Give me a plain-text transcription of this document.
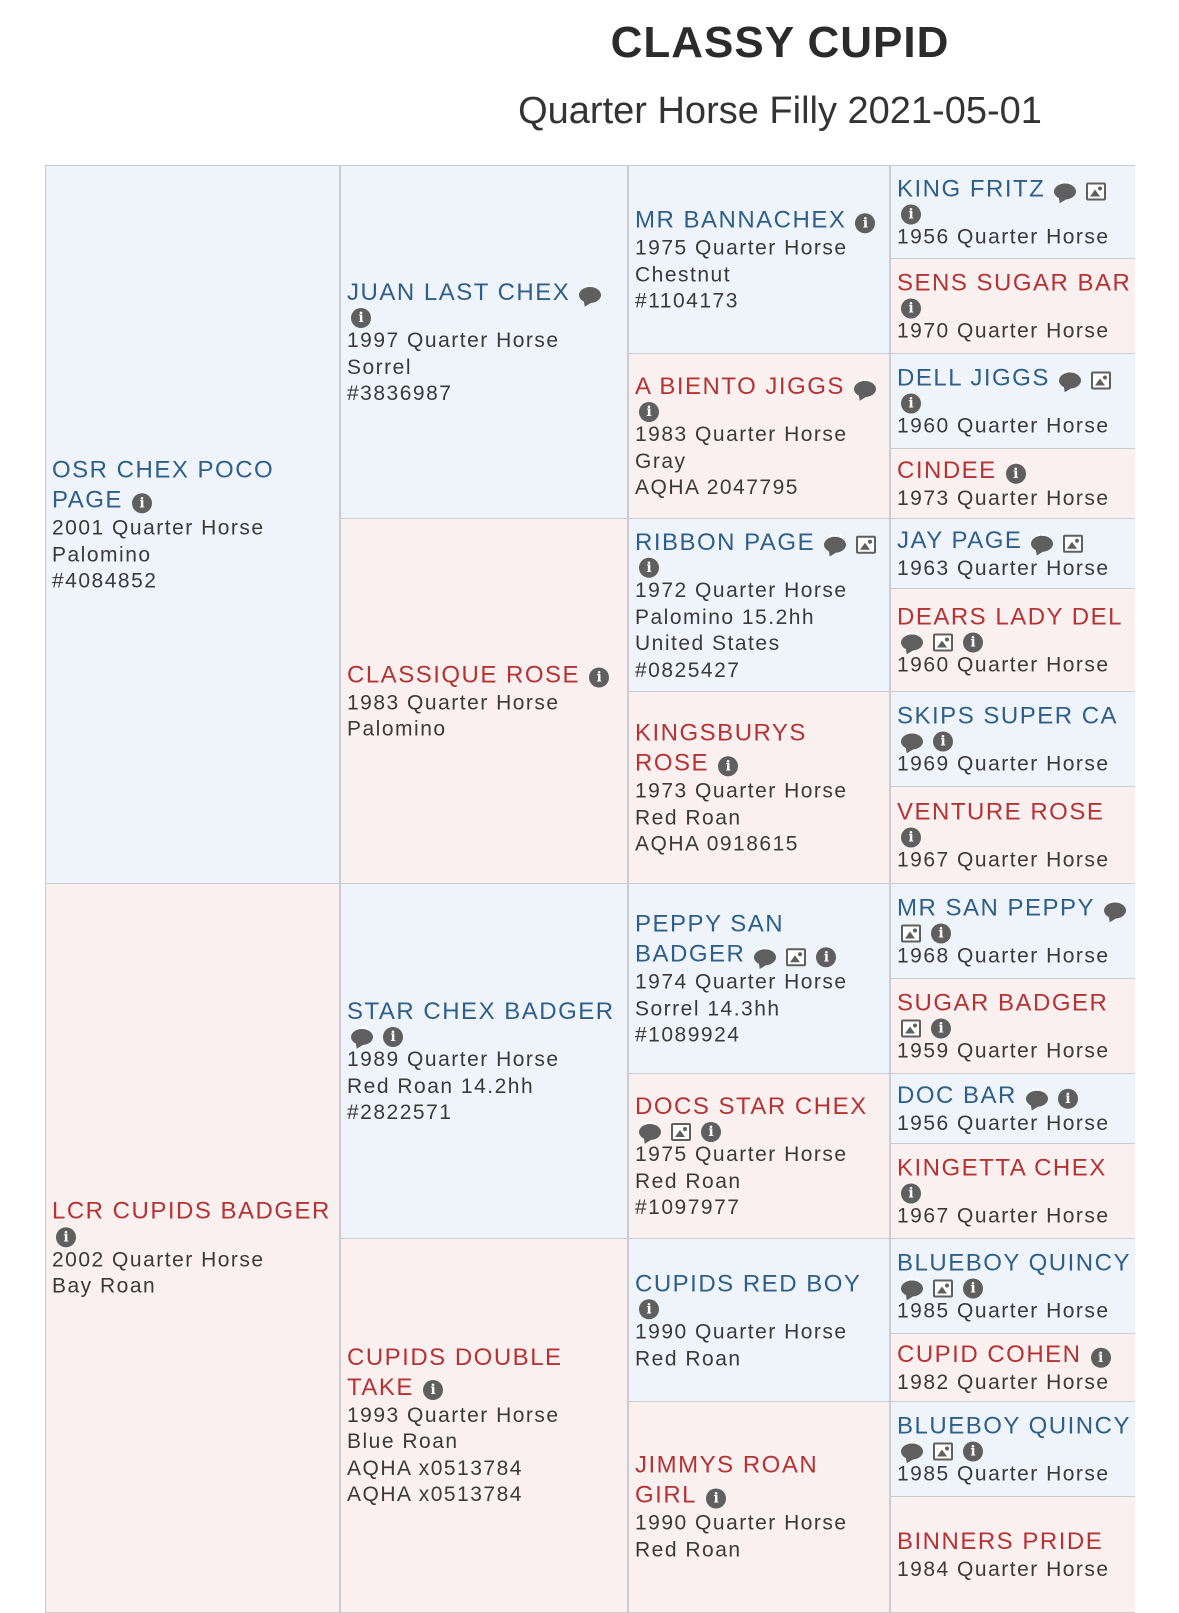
CLASSY CUPID
Quarter Horse Filly 2021-05-01
OSR CHEX POCO PAGE i
2001 Quarter Horse
Palomino
#4084852
LCR CUPIDS BADGER i
2002 Quarter Horse
Bay Roan
JUAN LAST CHEX •••i
1997 Quarter Horse
Sorrel
#3836987
CLASSIQUE ROSE i
1983 Quarter Horse
Palomino
STAR CHEX BADGER •••i
1989 Quarter Horse
Red Roan 14.2hh
#2822571
CUPIDS DOUBLE TAKE i
1993 Quarter Horse
Blue Roan
AQHA x0513784
AQHA x0513784
MR BANNACHEX i
1975 Quarter Horse
Chestnut
#1104173
A BIENTO JIGGS •••i
1983 Quarter Horse
Gray
AQHA 2047795
RIBBON PAGE •••i
1972 Quarter Horse
Palomino 15.2hh
United States
#0825427
KINGSBURYS ROSE i
1973 Quarter Horse
Red Roan
AQHA 0918615
PEPPY SAN BADGER •••	i
1974 Quarter Horse
Sorrel 14.3hh
#1089924
DOCS STAR CHEX •••i
1975 Quarter Horse
Red Roan
#1097977
CUPIDS RED BOY i
1990 Quarter Horse
Red Roan
JIMMYS ROAN GIRL i
1990 Quarter Horse
Red Roan
KING FRITZ •••
i
1956 Quarter Horse
SENS SUGAR BAR
i
1970 Quarter Horse
DELL JIGGS •••
i
1960 Quarter Horse
CINDEE i
1973 Quarter Horse
JAY PAGE •••
1963 Quarter Horse
DEARS LADY DEL
•••i
1960 Quarter Horse
SKIPS SUPER CA
•••i
1969 Quarter Horse
VENTURE ROSE
i
1967 Quarter Horse
MR SAN PEPPY •••
i
1968 Quarter Horse
SUGAR BADGER
i
1959 Quarter Horse
DOC BAR •••	i
1956 Quarter Horse
KINGETTA CHEX
i
1967 Quarter Horse
BLUEBOY QUINCY
•••i
1985 Quarter Horse
CUPID COHEN i
1982 Quarter Horse
BLUEBOY QUINCY
•••i
1985 Quarter Horse
BINNERS PRIDE
1984 Quarter Horse
